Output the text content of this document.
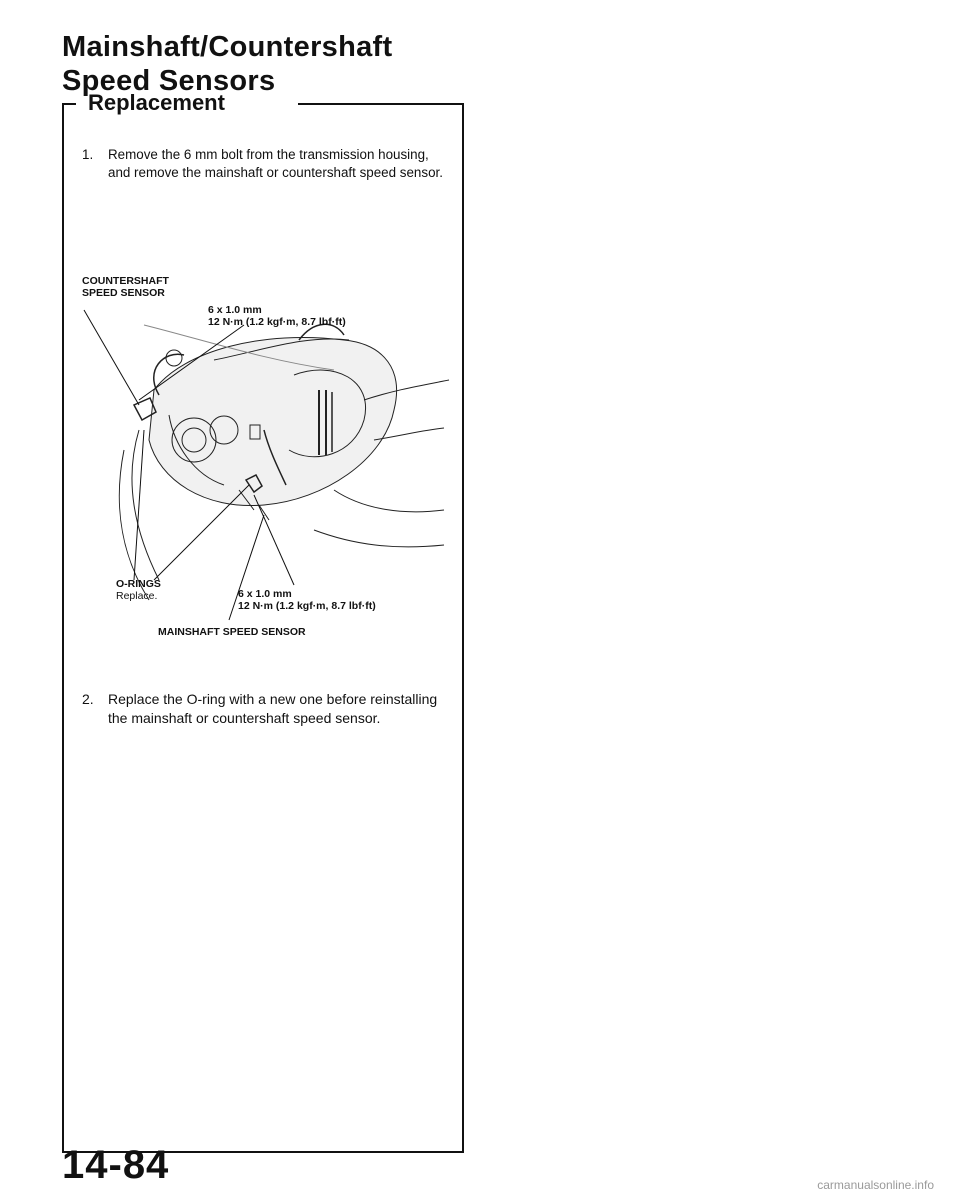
Mainshaft/Countershaft
Speed Sensors
Replacement
1.	Remove the 6 mm bolt from the transmission housing, and remove the mainshaft or countershaft speed sensor.
COUNTERSHAFT
SPEED SENSOR
6 x 1.0 mm
12 N·m (1.2 kgf·m, 8.7 lbf·ft)
O-RINGS
Replace.	6 x 1.0 mm
12 N·m (1.2 kgf·m, 8.7 lbf·ft)
MAINSHAFT SPEED SENSOR
2.	Replace the O-ring with a new one before reinstalling the mainshaft or countershaft speed sensor.
14-84	carmanualsonline.info
